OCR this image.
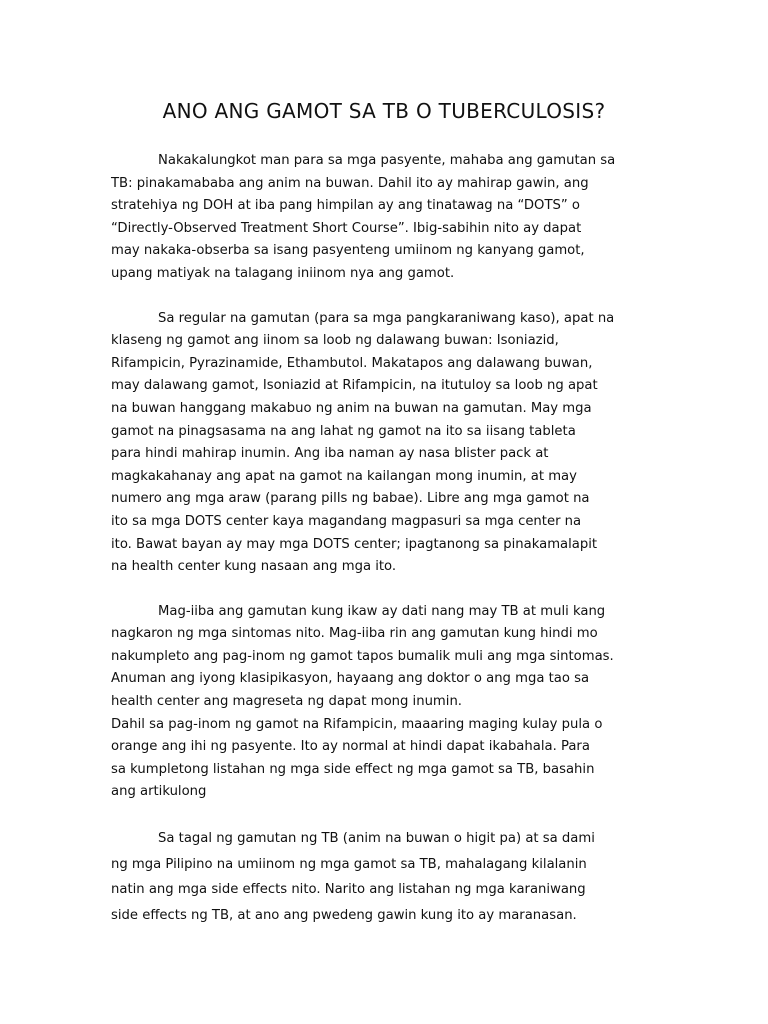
ANO ANG GAMOT SA TB O TUBERCULOSIS?

Nakakalungkot man para sa mga pasyente, mahaba ang gamutan sa
TB: pinakamababa ang anim na buwan. Dahil ito ay mahirap gawin, ang
stratehiya ng DOH at iba pang himpilan ay ang tinatawag na “DOTS” o
“Directly-Observed Treatment Short Course”. Ibig-sabihin nito ay dapat
may nakaka-obserba sa isang pasyenteng umiinom ng kanyang gamot,
upang matiyak na talagang iniinom nya ang gamot.

Sa regular na gamutan (para sa mga pangkaraniwang kaso), apat na
klaseng ng gamot ang iinom sa loob ng dalawang buwan: Isoniazid,
Rifampicin, Pyrazinamide, Ethambutol. Makatapos ang dalawang buwan,
may dalawang gamot, Isoniazid at Rifampicin, na itutuloy sa loob ng apat
na buwan hanggang makabuo ng anim na buwan na gamutan. May mga
gamot na pinagsasama na ang lahat ng gamot na ito sa iisang tableta
para hindi mahirap inumin. Ang iba naman ay nasa blister pack at
magkakahanay ang apat na gamot na kailangan mong inumin, at may
numero ang mga araw (parang pills ng babae). Libre ang mga gamot na
ito sa mga DOTS center kaya magandang magpasuri sa mga center na
ito. Bawat bayan ay may mga DOTS center; ipagtanong sa pinakamalapit
na health center kung nasaan ang mga ito.

Mag-iiba ang gamutan kung ikaw ay dati nang may TB at muli kang
nagkaron ng mga sintomas nito. Mag-iiba rin ang gamutan kung hindi mo
nakumpleto ang pag-inom ng gamot tapos bumalik muli ang mga sintomas.
Anuman ang iyong klasipikasyon, hayaang ang doktor o ang mga tao sa
health center ang magreseta ng dapat mong inumin.

Dahil sa pag-inom ng gamot na Rifampicin, maaaring maging kulay pula o
orange ang ihi ng pasyente. Ito ay normal at hindi dapat ikabahala. Para
sa kumpletong listahan ng mga side effect ng mga gamot sa TB, basahin
ang artikulong

Sa tagal ng gamutan ng TB (anim na buwan o higit pa) at sa dami
ng mga Pilipino na umiinom ng mga gamot sa TB, mahalagang kilalanin
natin ang mga side effects nito. Narito ang listahan ng mga karaniwang
side effects ng TB, at ano ang pwedeng gawin kung ito ay maranasan.
